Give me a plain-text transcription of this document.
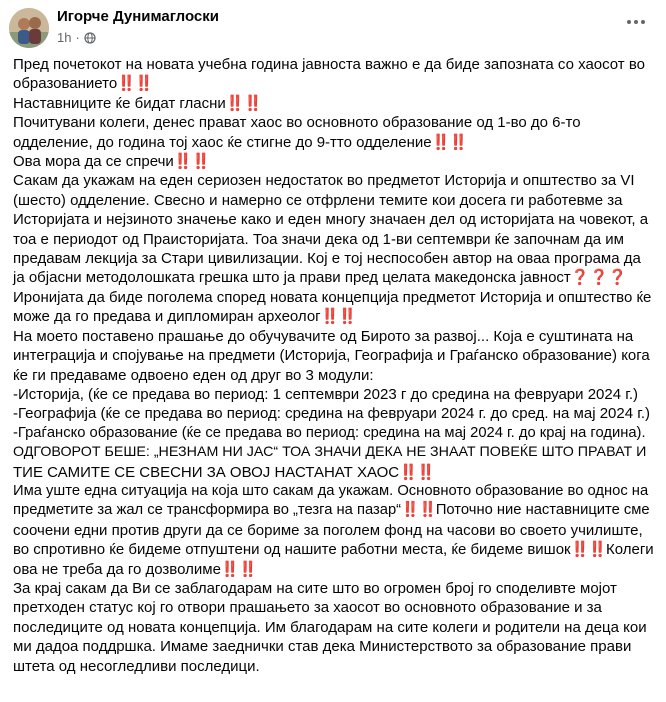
Игорче Дунимаглоски
1h ·
Пред почетокот на новата учебна година јавноста важно е да биде запозната со хаосот во
образованието‼️‼️
Наставниците ќе бидат гласни‼️‼️
Почитувани колеги, денес прават хаос во основното образование од 1-во до 6-то
одделение, до година тој хаос ќе стигне до 9-тто одделение‼️‼️
Ова мора да се спречи‼️‼️
Сакам да укажам на еден сериозен недостаток во предметот Историја и општество за VI
(шесто) одделение. Свесно и намерно се отфрлени темите кои досега ги работевме за
Историјата и нејзиното значење како и еден многу значаен дел од историјата на човекот, а
тоа е периодот од Праисторијата. Тоа значи дека од 1-ви септември ќе започнам да им
предавам лекција за Стари цивилизации. Кој е тој неспособен автор на оваа програма да
ја објасни методолошката грешка што ја прави пред целата македонска јавност❓❓❓
Иронијата да биде поголема според новата концепција предметот Историја и општество ќе
може да го предава и дипломиран археолог‼️‼️
На моето поставено прашање до обучувачите од Бирото за развој... Која е суштината на
интеграција и спојување на предмети (Историја, Географија и Граѓанско образование) кога
ќе ги предаваме одвоено еден од друг во 3 модули:
-Историја, (ќе се предава во период: 1 септември 2023 г до средина на февруари 2024 г.)
-Географија (ќе се предава во период: средина на февруари 2024 г. до сред. на мај 2024 г.)
-Граѓанско образование (ќе се предава во период: средина на мај 2024 г. до крај на година).
ОДГОВОРОТ БЕШЕ: „НЕЗНАМ НИ ЈАС“ ТОА ЗНАЧИ ДЕКА НЕ ЗНААТ ПОВЕЌЕ ШТО ПРАВАТ И
ТИЕ САМИТЕ СЕ СВЕСНИ ЗА ОВОЈ НАСТАНАТ ХАОС‼️‼️
Има уште една ситуација на која што сакам да укажам. Основното образование во однос на
предметите за жал се трансформира во „тезга на пазар“‼️‼️Поточно ние наставниците сме
соочени едни против други да се бориме за поголем фонд на часови во своето училиште,
во спротивно ќе бидеме отпуштени од нашите работни места, ќе бидеме вишок‼️‼️Колеги
ова не треба да го дозволиме‼️‼️
За крај сакам да Ви се заблагодарам на сите што во огромен број го споделивте мојот
претходен статус кој го отвори прашањето за хаосот во основното образование и за
последиците од новата концепција. Им благодарам на сите колеги и родители на деца кои
ми дадоа поддршка. Имаме заеднички став дека Министерството за образование прави
штета од несогледливи последици.
